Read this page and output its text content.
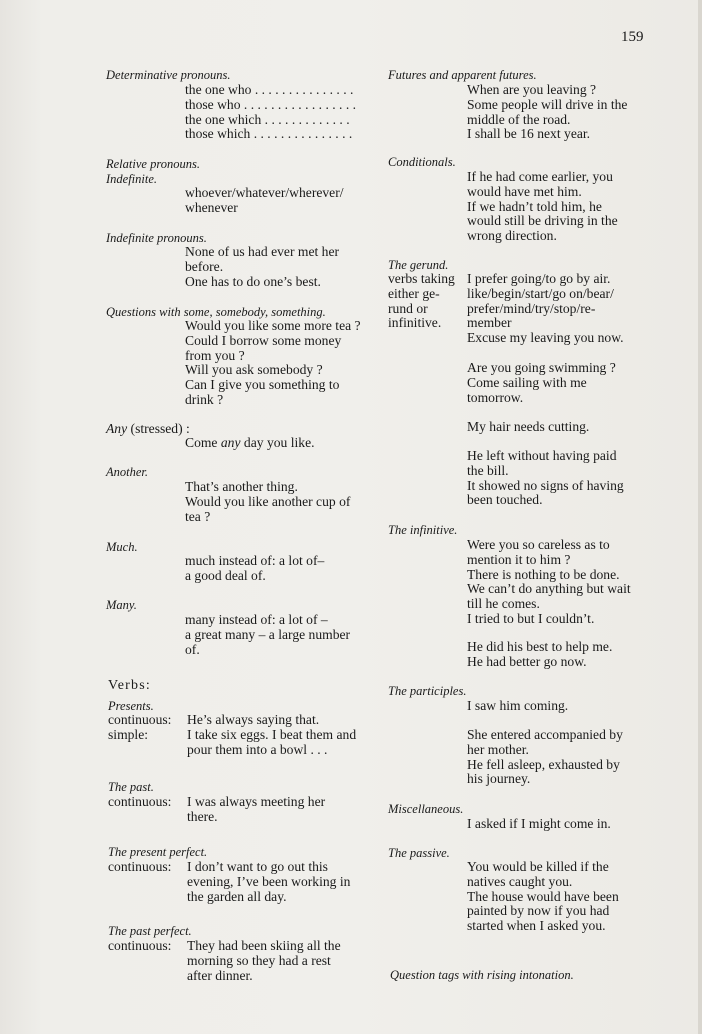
159
Determinative pronouns.
the one who . . . . . . . . . . . . . . .
those who . . . . . . . . . . . . . . . . .
the one which . . . . . . . . . . . . .
those which . . . . . . . . . . . . . . .
Relative pronouns.
Indefinite.
whoever/whatever/wherever/
whenever
Indefinite pronouns.
None of us had ever met her
before.
One has to do one’s best.
Questions with some, somebody, something.
Would you like some more tea ?
Could I borrow some money
from you ?
Will you ask somebody ?
Can I give you something to
drink ?
Any (stressed) :
Come any day you like.
Another.
That’s another thing.
Would you like another cup of
tea ?
Much.
much instead of: a lot of–
a good deal of.
Many.
many instead of: a lot of –
a great many – a large number
of.
Verbs:
Presents.
continuous:
simple:
He’s always saying that.
I take six eggs. I beat them and
pour them into a bowl . . .
The past.
continuous: I was always meeting her
there.
The present perfect.
continuous: I don’t want to go out this
evening, I’ve been working in
the garden all day.
The past perfect.
continuous: They had been skiing all the
morning so they had a rest
after dinner.
Futures and apparent futures.
When are you leaving ?
Some people will drive in the
middle of the road.
I shall be 16 next year.
Conditionals.
If he had come earlier, you
would have met him.
If we hadn’t told him, he
would still be driving in the
wrong direction.
The gerund.
verbs taking
either ge-
rund or
infinitive.
I prefer going/to go by air.
like/begin/start/go on/bear/
prefer/mind/try/stop/re-
member
Excuse my leaving you now.
Are you going swimming ?
Come sailing with me
tomorrow.
My hair needs cutting.
He left without having paid
the bill.
It showed no signs of having
been touched.
The infinitive.
Were you so careless as to
mention it to him ?
There is nothing to be done.
We can’t do anything but wait
till he comes.
I tried to but I couldn’t.
He did his best to help me.
He had better go now.
The participles.
I saw him coming.
She entered accompanied by
her mother.
He fell asleep, exhausted by
his journey.
Miscellaneous.
I asked if I might come in.
The passive.
You would be killed if the
natives caught you.
The house would have been
painted by now if you had
started when I asked you.
Question tags with rising intonation.
